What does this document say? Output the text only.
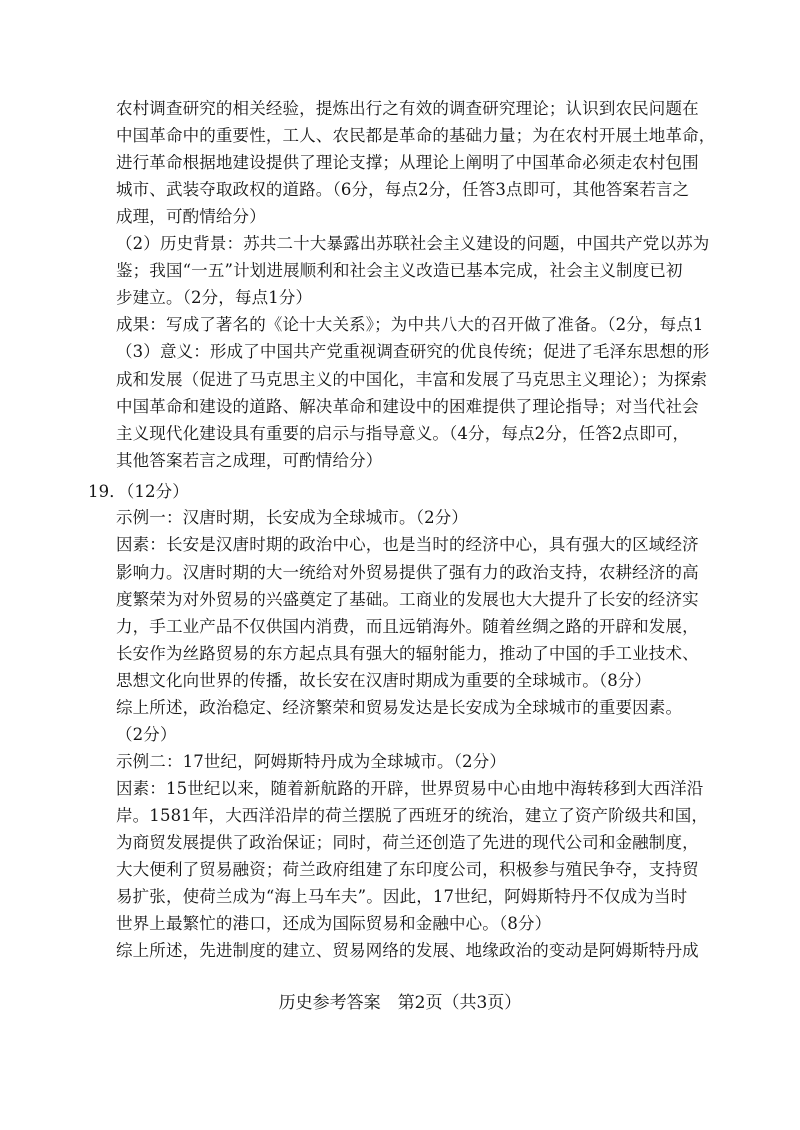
农村调查研究的相关经验，提炼出行之有效的调查研究理论；认识到农民问题在
中国革命中的重要性，工人、农民都是革命的基础力量；为在农村开展土地革命，
进行革命根据地建设提供了理论支撑；从理论上阐明了中国革命必须走农村包围
城市、武装夺取政权的道路。（6分，每点2分，任答3点即可，其他答案若言之
成理，可酌情给分）
（2）历史背景：苏共二十大暴露出苏联社会主义建设的问题，中国共产党以苏为
鉴；我国“一五”计划进展顺利和社会主义改造已基本完成，社会主义制度已初
步建立。（2分，每点1分）
成果：写成了著名的《论十大关系》；为中共八大的召开做了准备。（2分，每点1
（3）意义：形成了中国共产党重视调查研究的优良传统；促进了毛泽东思想的形
成和发展（促进了马克思主义的中国化，丰富和发展了马克思主义理论）；为探索
中国革命和建设的道路、解决革命和建设中的困难提供了理论指导；对当代社会
主义现代化建设具有重要的启示与指导意义。（4分，每点2分，任答2点即可，
其他答案若言之成理，可酌情给分）
19．（12分）
示例一：汉唐时期，长安成为全球城市。（2分）
因素：长安是汉唐时期的政治中心，也是当时的经济中心，具有强大的区域经济
影响力。汉唐时期的大一统给对外贸易提供了强有力的政治支持，农耕经济的高
度繁荣为对外贸易的兴盛奠定了基础。工商业的发展也大大提升了长安的经济实
力，手工业产品不仅供国内消费，而且远销海外。随着丝绸之路的开辟和发展，
长安作为丝路贸易的东方起点具有强大的辐射能力，推动了中国的手工业技术、
思想文化向世界的传播，故长安在汉唐时期成为重要的全球城市。（8分）
综上所述，政治稳定、经济繁荣和贸易发达是长安成为全球城市的重要因素。
（2分）
示例二：17世纪，阿姆斯特丹成为全球城市。（2分）
因素：15世纪以来，随着新航路的开辟，世界贸易中心由地中海转移到大西洋沿
岸。1581年，大西洋沿岸的荷兰摆脱了西班牙的统治，建立了资产阶级共和国，
为商贸发展提供了政治保证；同时，荷兰还创造了先进的现代公司和金融制度，
大大便利了贸易融资；荷兰政府组建了东印度公司，积极参与殖民争夺，支持贸
易扩张，使荷兰成为“海上马车夫”。因此，17世纪，阿姆斯特丹不仅成为当时
世界上最繁忙的港口，还成为国际贸易和金融中心。（8分）
综上所述，先进制度的建立、贸易网络的发展、地缘政治的变动是阿姆斯特丹成
历史参考答案　第2页（共3页）
